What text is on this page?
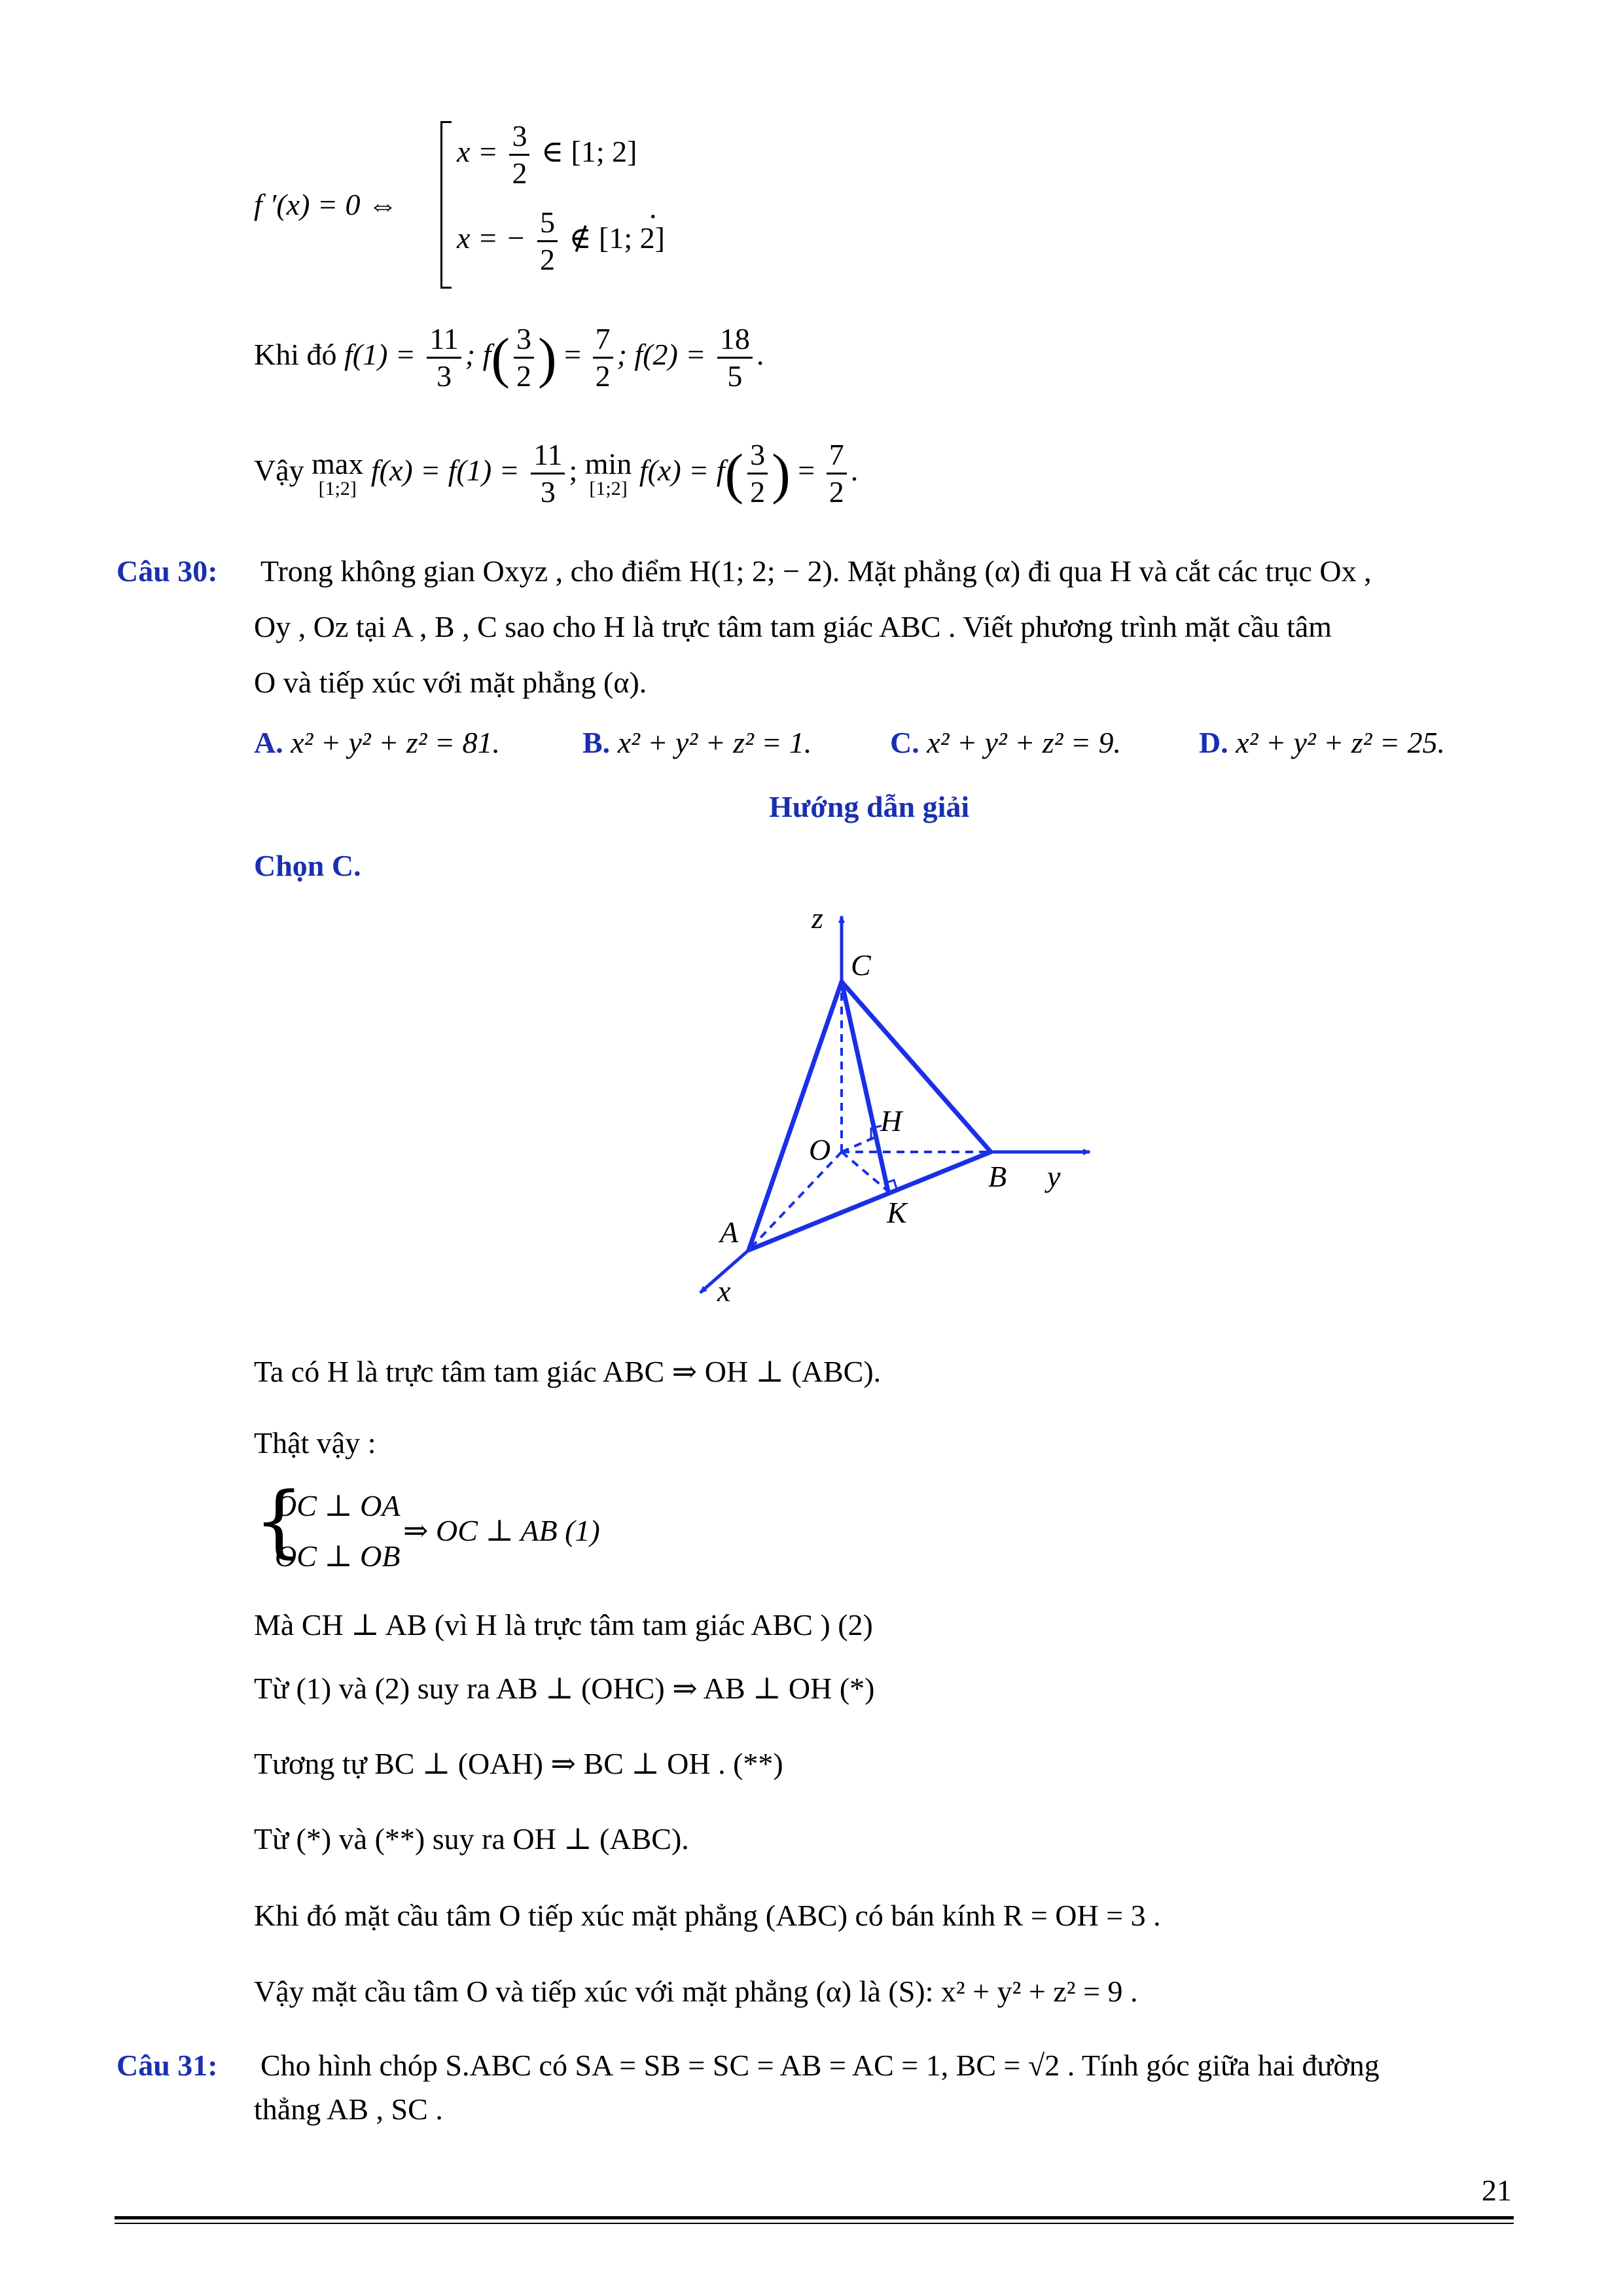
f ′(x) = 0 ⇔
$x = \frac{3}{2}$ ∈ [1; 2]
x = − $\frac{5}{2}$ ∉ [1; 2]
.
Khi đó $f(1) = \frac{11}{3}$ ; $f( \frac{3}{2}$ ) = $\frac{7}{2}$ ; $f(2) = \frac{18}{5}$ .
Vậy max
[1;2]
$f(x) = f(1) = \frac{11}{3}$ ; min
[1;2]
$f(x) = f( \frac{3}{2}$ ) = $\frac{7}{2}$ .
Câu 30: Trong không gian Oxyz , cho điểm H(1; 2; − 2). Mặt phẳng (α) đi qua H và cắt các trục Ox ,
Oy , Oz tại A , B , C sao cho H là trực tâm tam giác ABC . Viết phương trình mặt cầu tâm
O và tiếp xúc với mặt phẳng (α).
A. x² + y² + z² = 81.	B. x² + y² + z² = 1.	C. x² + y² + z² = 9.	D. x² + y² + z² = 25.
Hướng dẫn giải
Chọn C.
z
C
H
O
B y
K
A
x
Ta có H là trực tâm tam giác ABC ⇒ OH ⊥ (ABC).
Thật vậy :
{
OC ⊥ OA
OC ⊥ OB
⇒ OC ⊥ AB (1)
Mà CH ⊥ AB (vì H là trực tâm tam giác ABC ) (2)
Từ (1) và (2) suy ra AB ⊥ (OHC) ⇒ AB ⊥ OH (*)
Tương tự BC ⊥ (OAH) ⇒ BC ⊥ OH . (**)
Từ (*) và (**) suy ra OH ⊥ (ABC).
Khi đó mặt cầu tâm O tiếp xúc mặt phẳng (ABC) có bán kính R = OH = 3 .
Vậy mặt cầu tâm O và tiếp xúc với mặt phẳng (α) là (S): x² + y² + z² = 9 .
Câu 31: Cho hình chóp S.ABC có SA = SB = SC = AB = AC = 1, BC = √2 . Tính góc giữa hai đường
thẳng AB , SC .
21
